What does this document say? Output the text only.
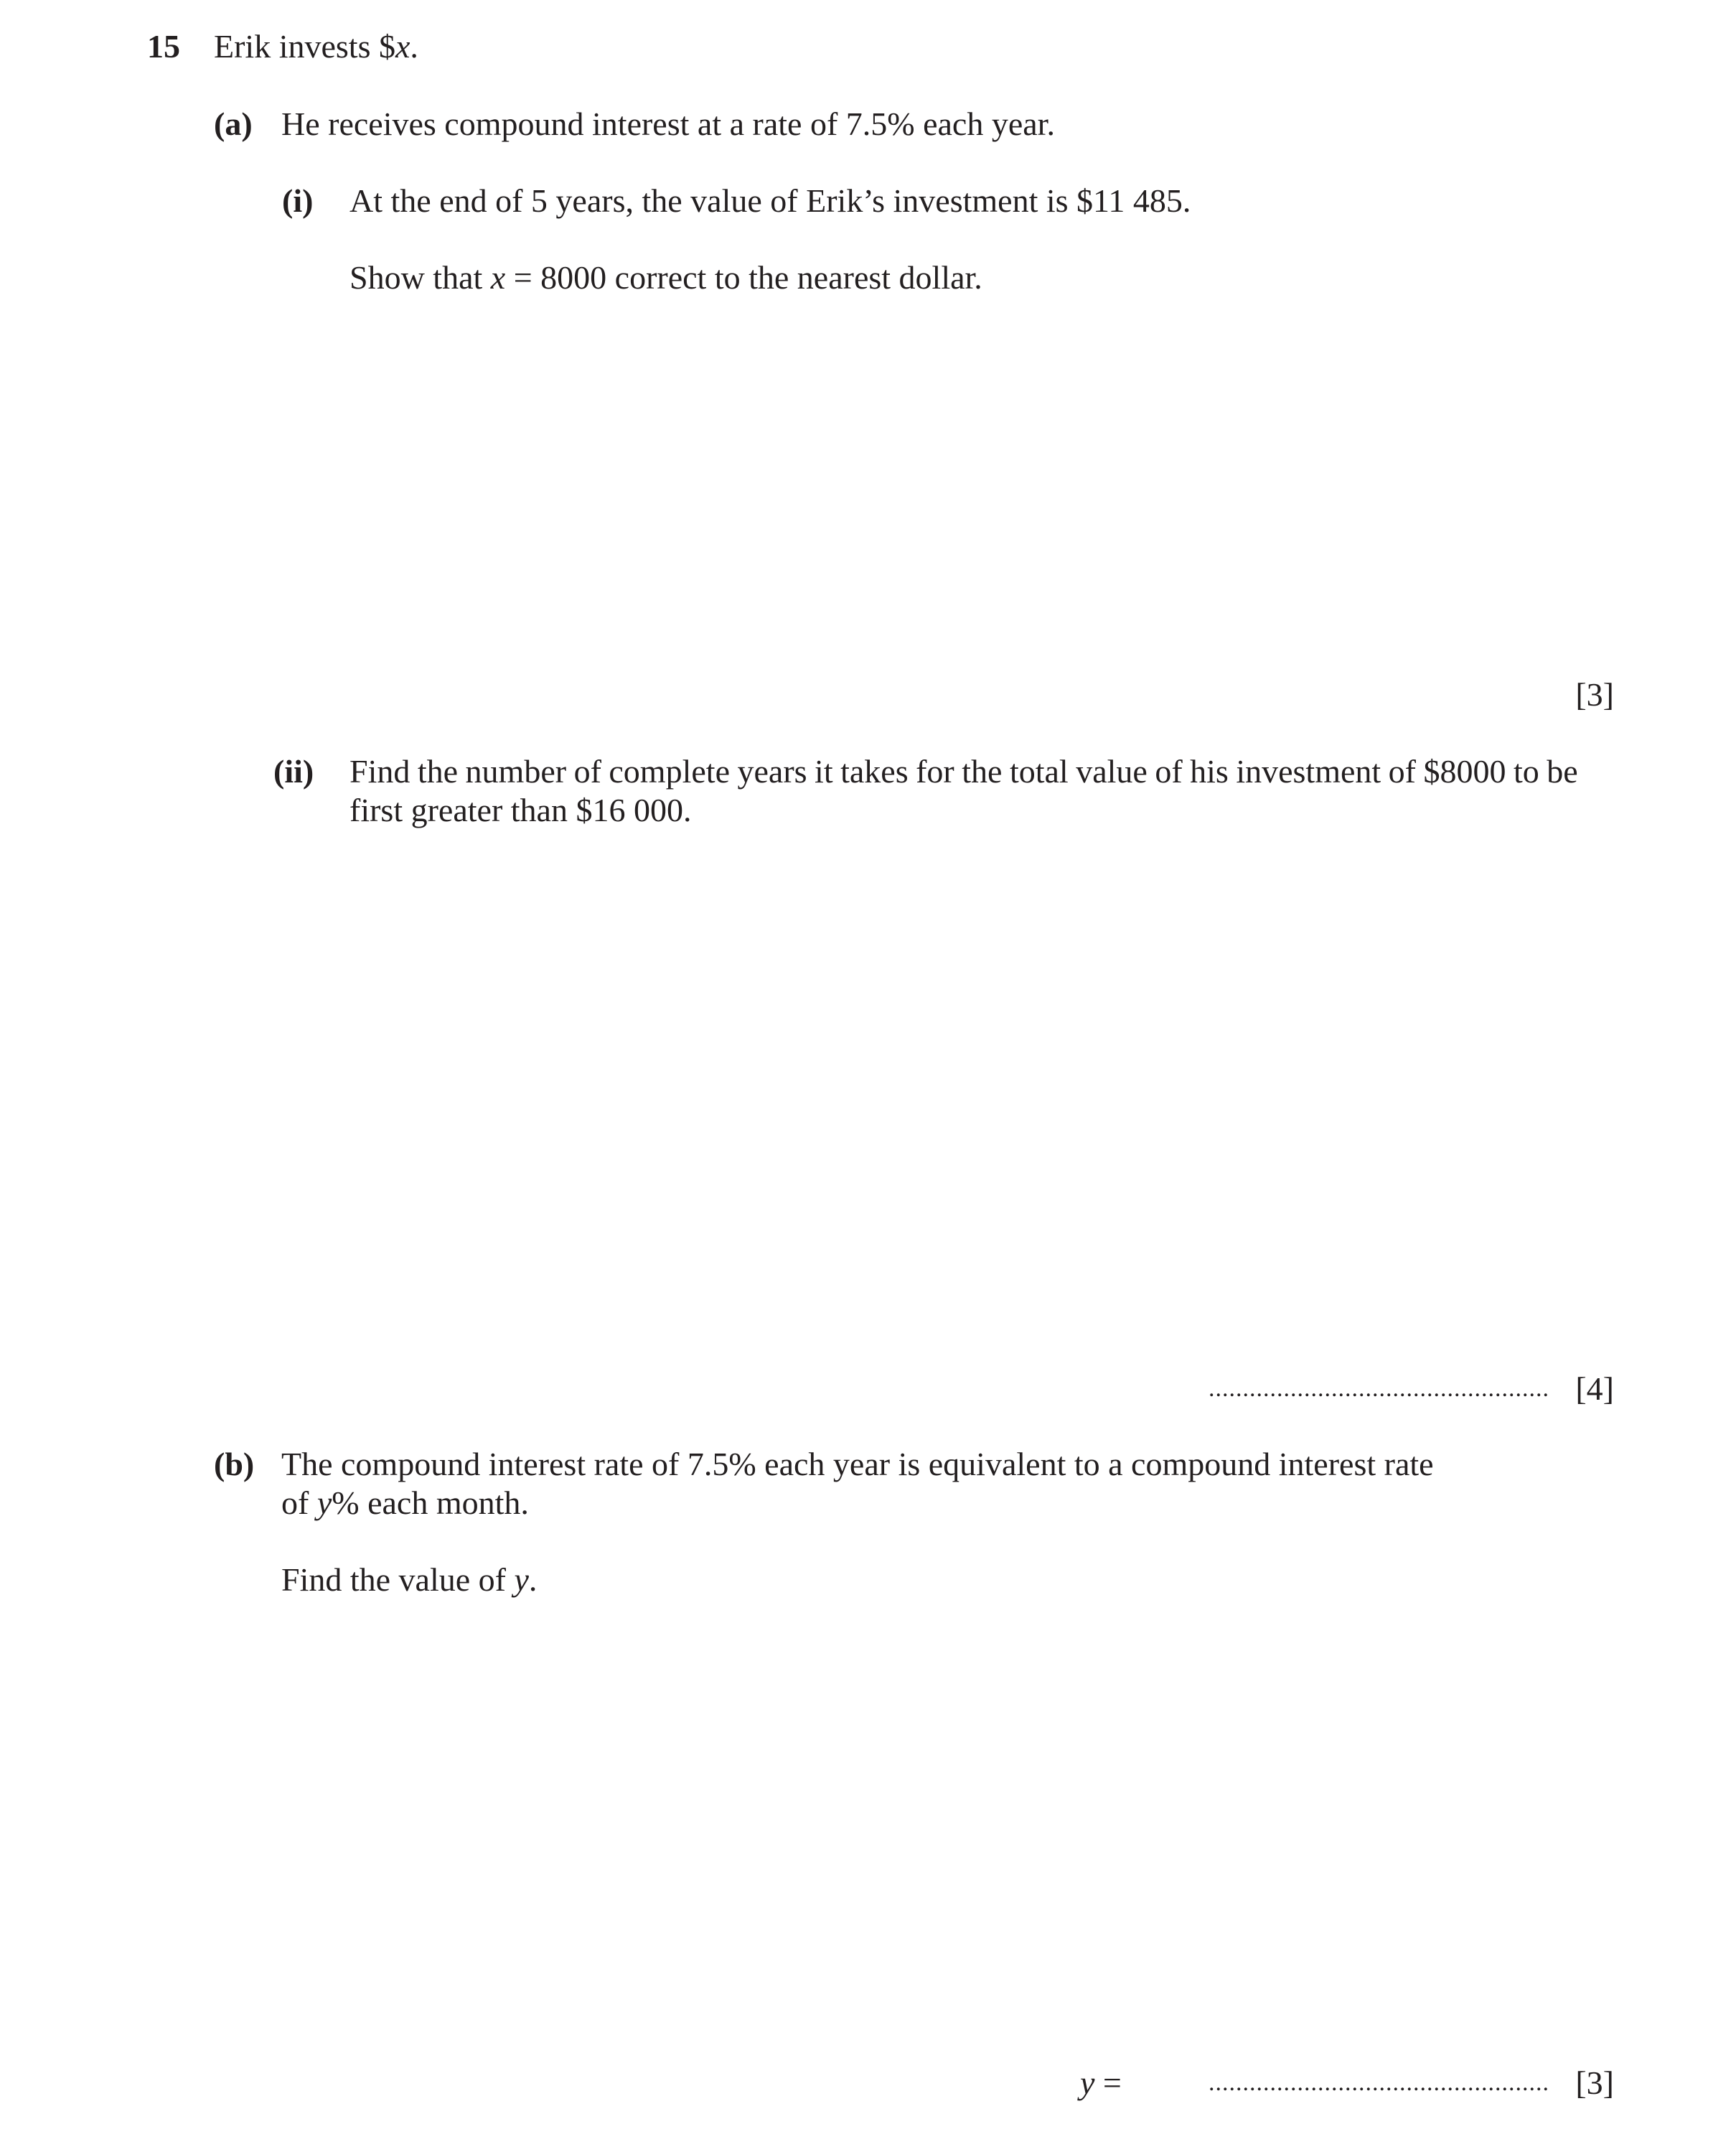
15 Erik invests $x.
(a) He receives compound interest at a rate of 7.5% each year.
(i) At the end of 5 years, the value of Erik’s investment is $11 485.
Show that x = 8000 correct to the nearest dollar.
[3]
(ii) Find the number of complete years it takes for the total value of his investment of $8000 to be
first greater than $16 000.
.................................................. [4]
(b) The compound interest rate of 7.5% each year is equivalent to a compound interest rate
of y% each month.
Find the value of y.
y =	.................................................. [3]
